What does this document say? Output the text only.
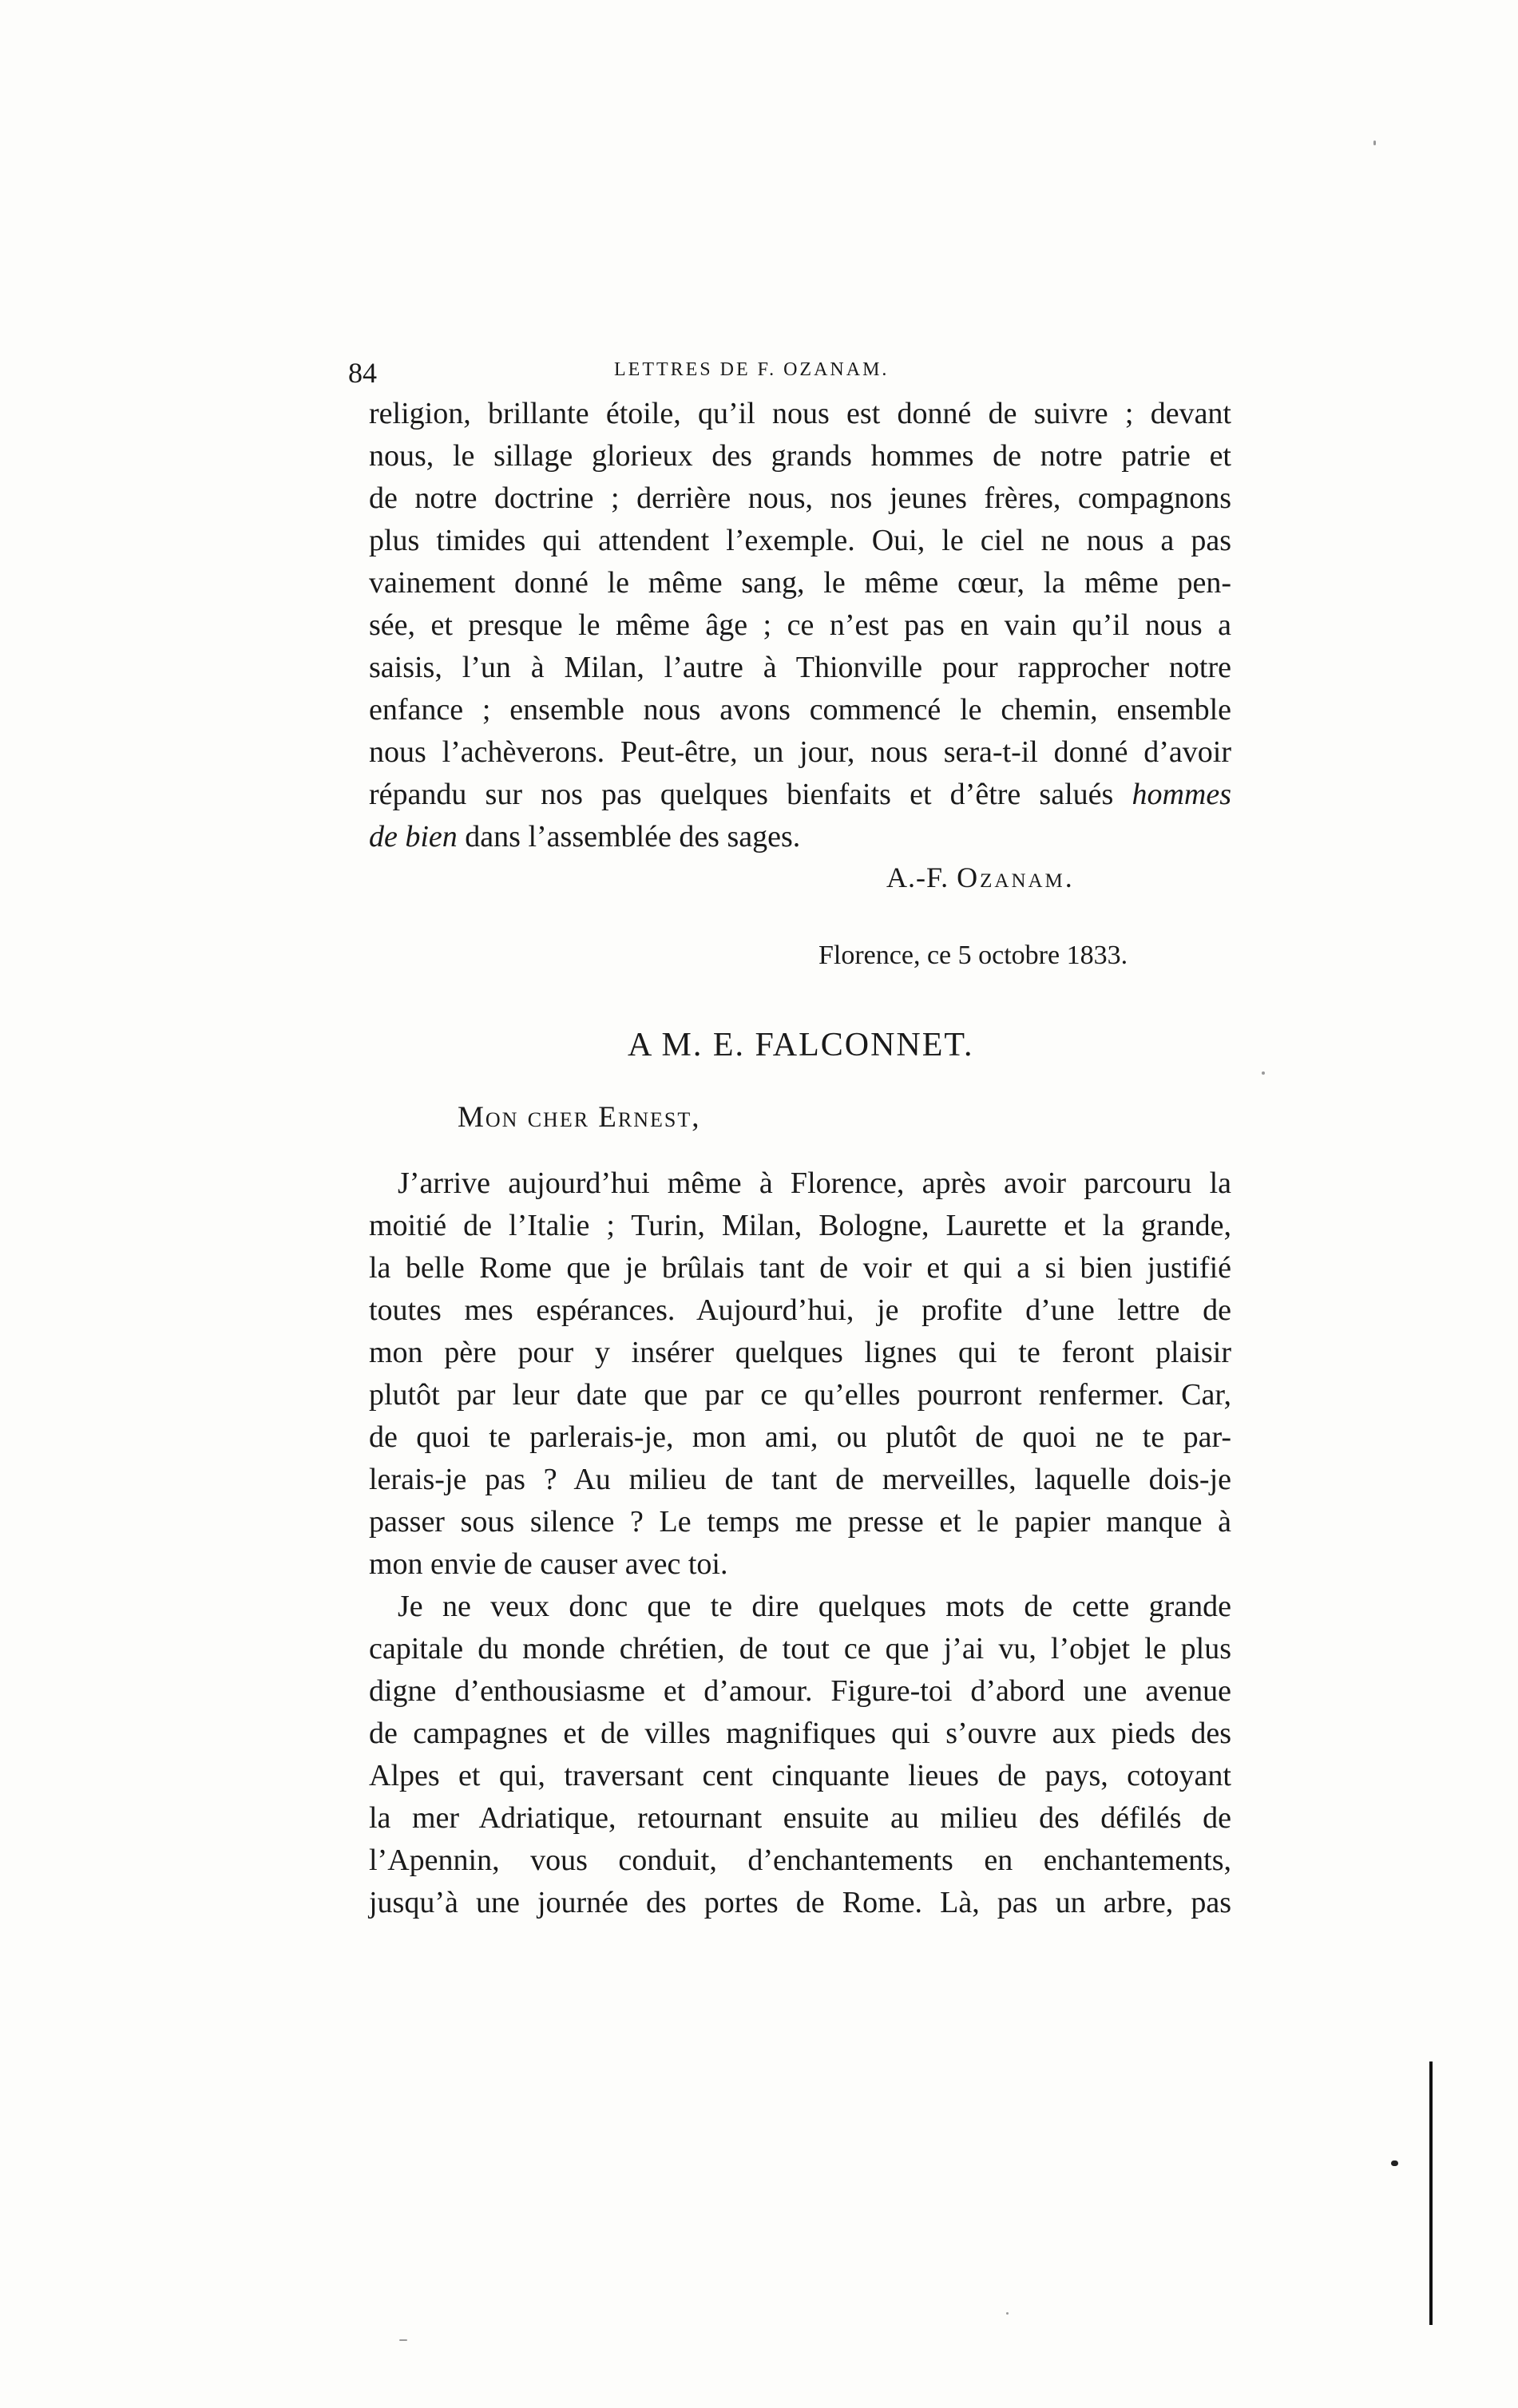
84	LETTRES DE F. OZANAM.
religion, brillante étoile, qu’il nous est donné de suivre ; devant
nous, le sillage glorieux des grands hommes de notre patrie et
de notre doctrine ; derrière nous, nos jeunes frères, compagnons
plus timides qui attendent l’exemple. Oui, le ciel ne nous a pas
vainement donné le même sang, le même cœur, la même pen-
sée, et presque le même âge ; ce n’est pas en vain qu’il nous a
saisis, l’un à Milan, l’autre à Thionville pour rapprocher notre
enfance ; ensemble nous avons commencé le chemin, ensemble
nous l’achèverons. Peut-être, un jour, nous sera-t-il donné d’avoir
répandu sur nos pas quelques bienfaits et d’être salués hommes
de bien dans l’assemblée des sages.
A.-F. Ozanam.
Florence, ce 5 octobre 1833.
A M. E. FALCONNET.
Mon cher Ernest,
J’arrive aujourd’hui même à Florence, après avoir parcouru la
moitié de l’Italie ; Turin, Milan, Bologne, Laurette et la grande,
la belle Rome que je brûlais tant de voir et qui a si bien justifié
toutes mes espérances. Aujourd’hui, je profite d’une lettre de
mon père pour y insérer quelques lignes qui te feront plaisir
plutôt par leur date que par ce qu’elles pourront renfermer. Car,
de quoi te parlerais-je, mon ami, ou plutôt de quoi ne te par-
lerais-je pas ? Au milieu de tant de merveilles, laquelle dois-je
passer sous silence ? Le temps me presse et le papier manque à
mon envie de causer avec toi.
Je ne veux donc que te dire quelques mots de cette grande
capitale du monde chrétien, de tout ce que j’ai vu, l’objet le plus
digne d’enthousiasme et d’amour. Figure-toi d’abord une avenue
de campagnes et de villes magnifiques qui s’ouvre aux pieds des
Alpes et qui, traversant cent cinquante lieues de pays, cotoyant
la mer Adriatique, retournant ensuite au milieu des défilés de
l’Apennin, vous conduit, d’enchantements en enchantements,
jusqu’à une journée des portes de Rome. Là, pas un arbre, pas
